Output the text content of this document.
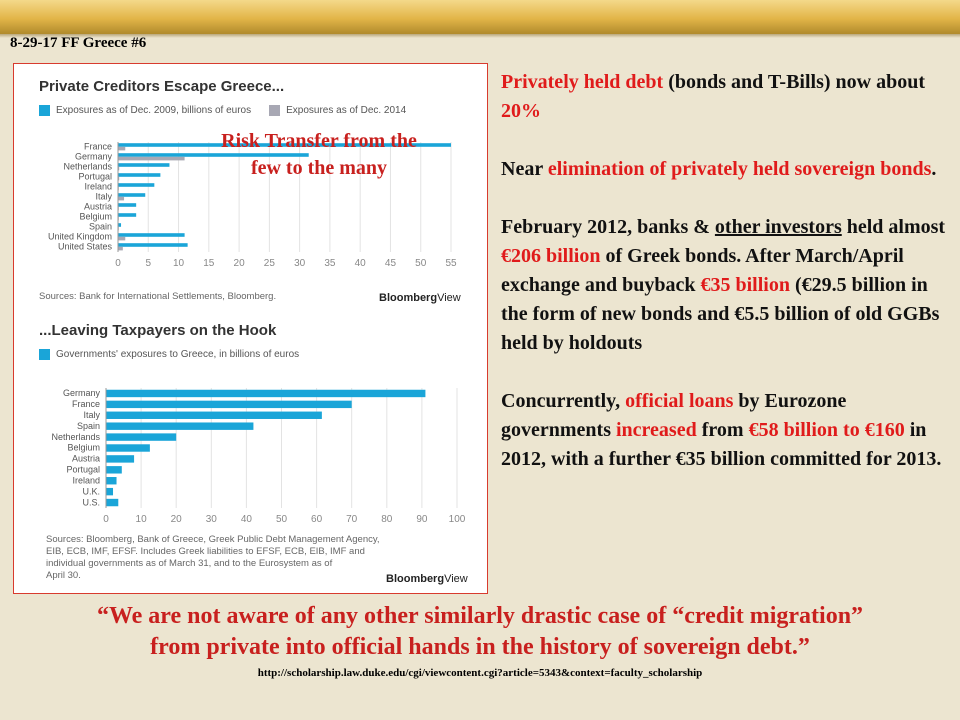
8-29-17 FF Greece #6
Private Creditors Escape Greece...
Exposures as of Dec. 2009, billions of euros	Exposures as of Dec. 2014
0 5 10 15 20 25 30 35 40 45 50 55
France
Germany
Netherlands
Portugal
Ireland
Italy
Austria
Belgium
Spain
United Kingdom
United States
Sources: Bank for International Settlements, Bloomberg.	BloombergView
...Leaving Taxpayers on the Hook
Governments' exposures to Greece, in billions of euros
0	10 20 30 40 50 60 70 80 90 100
Germany
France
Italy
Spain
Netherlands
Belgium
Austria
Portugal
Ireland
U.K.
U.S.
Sources: Bloomberg, Bank of Greece, Greek Public Debt Management Agency,
EIB, ECB, IMF, EFSF. Includes Greek liabilities to EFSF, ECB, EIB, IMF and
individual governments as of March 31, and to the Eurosystem as of
April 30.	BloombergView
Risk Transfer from the
few to the many

Privately held debt (bonds and T-Bills) now about 20%

Near elimination of privately held sovereign bonds.

February 2012, banks & other investors held almost €206 billion of Greek bonds. After March/April exchange and buyback €35 billion (€29.5 billion in the form of new bonds and €5.5 billion of old GGBs held by holdouts

Concurrently, official loans by Eurozone governments increased from €58 billion to €160 in 2012, with a further €35 billion committed for 2013.

“We are not aware of any other similarly drastic case of “credit migration”
from private into official hands in the history of sovereign debt.”
http://scholarship.law.duke.edu/cgi/viewcontent.cgi?article=5343&context=faculty_scholarship
